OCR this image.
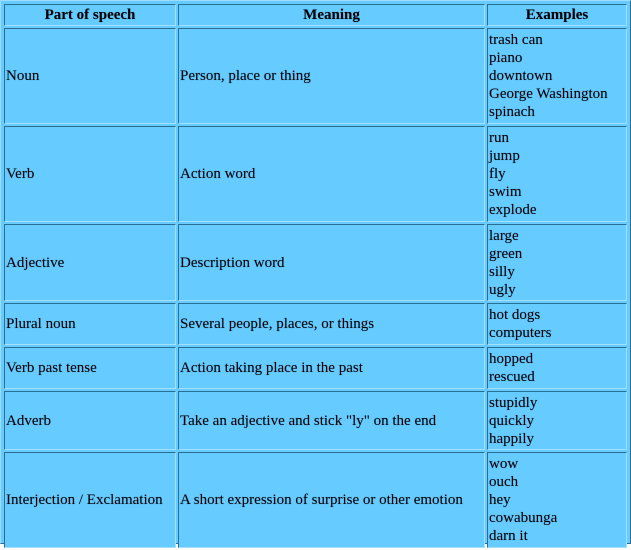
Part of speech	Meaning	Examples
Noun	Person, place or thing	trash can
piano
downtown
George Washington
spinach

Verb	Action word	run
jump
fly
swim
explode

Adjective	Description word	large
green
silly
ugly

Plural noun	Several people, places, or things	hot dogs
computers

Verb past tense	Action taking place in the past	hopped
rescued

Adverb	Take an adjective and stick "ly" on the end	stupidly
quickly
happily

Interjection / Exclamation	A short expression of surprise or other emotion	wow
ouch
hey
cowabunga
darn it
